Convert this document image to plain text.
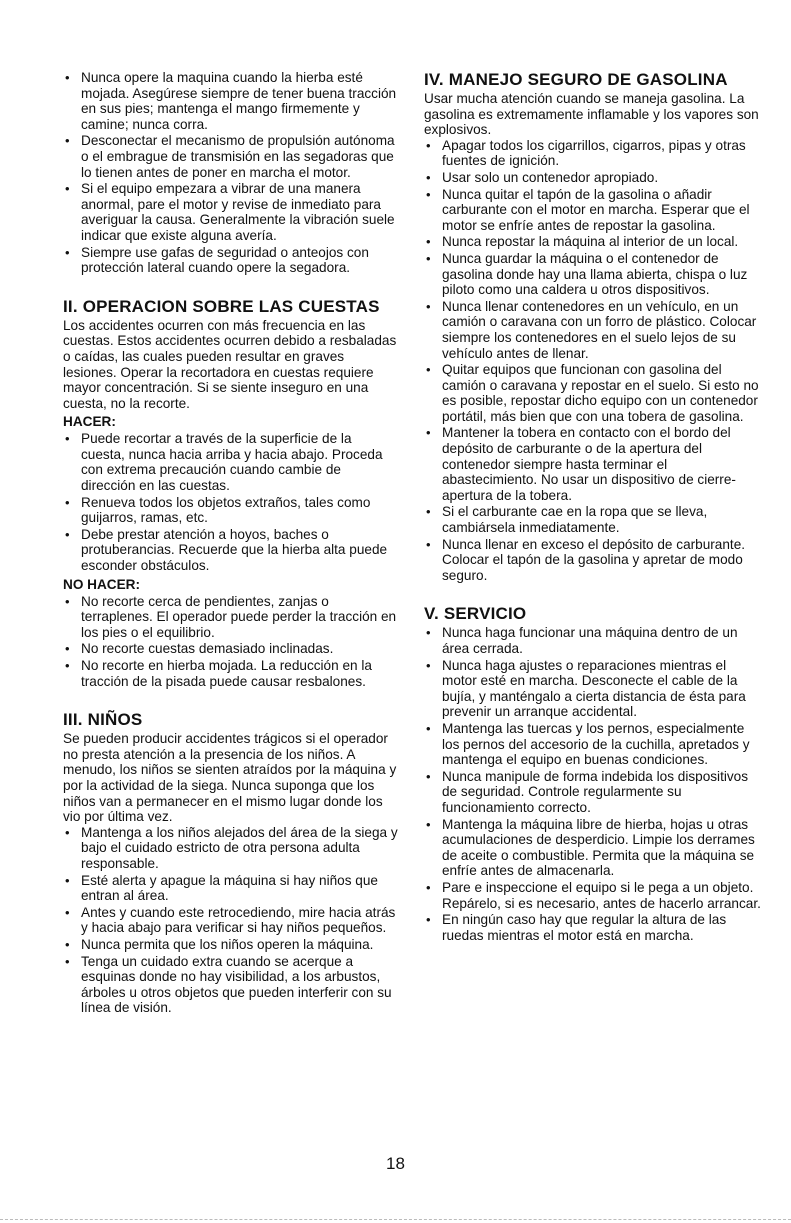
• Nunca opere la maquina cuando la hierba esté mojada. Asegúrese siempre de tener buena tracción en sus pies; mantenga el mango firmemente y camine; nunca corra.
• Desconectar el mecanismo de propulsión autónoma o el embrague de transmisión en las segadoras que lo tienen antes de poner en marcha el motor.
• Si el equipo empezara a vibrar de una manera anormal, pare el motor y revise de inmediato para averiguar la causa. Generalmente la vibración suele indicar que existe alguna avería.
• Siempre use gafas de seguridad o anteojos con protección lateral cuando opere la segadora.
II. OPERACION SOBRE LAS CUESTAS

Los accidentes ocurren con más frecuencia en las cuestas. Estos accidentes ocurren debido a resbaladas o caídas, las cuales pueden resultar en graves lesiones. Operar la recortadora en cuestas requiere mayor concentración. Si se siente inseguro en una cuesta, no la recorte.

HACER:
• Puede recortar a través de la superficie de la cuesta, nunca hacia arriba y hacia abajo. Proceda con extrema precaución cuando cambie de dirección en las cuestas.
• Renueva todos los objetos extraños, tales como guijarros, ramas, etc.
• Debe prestar atención a hoyos, baches o protuberancias. Recuerde que la hierba alta puede esconder obstáculos.
NO HACER:
• No recorte cerca de pendientes, zanjas o terraplenes. El operador puede perder la tracción en los pies o el equilibrio.
• No recorte cuestas demasiado inclinadas.
• No recorte en hierba mojada. La reducción en la tracción de la pisada puede causar resbalones.
III. NIÑOS

Se pueden producir accidentes trágicos si el operador no presta atención a la presencia de los niños. A menudo, los niños se sienten atraídos por la máquina y por la actividad de la siega. Nunca suponga que los niños van a permanecer en el mismo lugar donde los vio por última vez.

• Mantenga a los niños alejados del área de la siega y bajo el cuidado estricto de otra persona adulta responsable.
• Esté alerta y apague la máquina si hay niños que entran al área.
• Antes y cuando este retrocediendo, mire hacia atrás y hacia abajo para verificar si hay niños pequeños.
• Nunca permita que los niños operen la máquina.
• Tenga un cuidado extra cuando se acerque a esquinas donde no hay visibilidad, a los arbustos, árboles u otros objetos que pueden interferir con su línea de visión.
IV. MANEJO SEGURO DE GASOLINA

Usar mucha atención cuando se maneja gasolina. La gasolina es extremamente inflamable y los vapores son explosivos.

• Apagar todos los cigarrillos, cigarros, pipas y otras fuentes de ignición.
• Usar solo un contenedor apropiado.
• Nunca quitar el tapón de la gasolina o añadir carburante con el motor en marcha. Esperar que el motor se enfríe antes de repostar la gasolina.
• Nunca repostar la máquina al interior de un local.
• Nunca guardar la máquina o el contenedor de gasolina donde hay una llama abierta, chispa o luz piloto como una caldera u otros dispositivos.
• Nunca llenar contenedores en un vehículo, en un camión o caravana con un forro de plástico. Colocar siempre los contenedores en el suelo lejos de su vehículo antes de llenar.
• Quitar equipos que funcionan con gasolina del camión o caravana y repostar en el suelo. Si esto no es posible, repostar dicho equipo con un contenedor portátil, más bien que con una tobera de gasolina.
• Mantener la tobera en contacto con el bordo del depósito de carburante o de la apertura del contenedor siempre hasta terminar el abastecimiento. No usar un dispositivo de cierre-apertura de la tobera.
• Si el carburante cae en la ropa que se lleva, cambiársela inmediatamente.
• Nunca llenar en exceso el depósito de carburante. Colocar el tapón de la gasolina y apretar de modo seguro.
V. SERVICIO
• Nunca haga funcionar una máquina dentro de un área cerrada.
• Nunca haga ajustes o reparaciones mientras el motor esté en marcha. Desconecte el cable de la bujía, y manténgalo a cierta distancia de ésta para prevenir un arranque accidental.
• Mantenga las tuercas y los pernos, especialmente los pernos del accesorio de la cuchilla, apretados y mantenga el equipo en buenas condiciones.
• Nunca manipule de forma indebida los dispositivos de seguridad. Controle regularmente su funcionamiento correcto.
• Mantenga la máquina libre de hierba, hojas u otras acumulaciones de desperdicio. Limpie los derrames de aceite o combustible. Permita que la máquina se enfríe antes de almacenarla.
• Pare e inspeccione el equipo si le pega a un objeto. Repárelo, si es necesario, antes de hacerlo arrancar.
• En ningún caso hay que regular la altura de las ruedas mientras el motor está en marcha.
18
